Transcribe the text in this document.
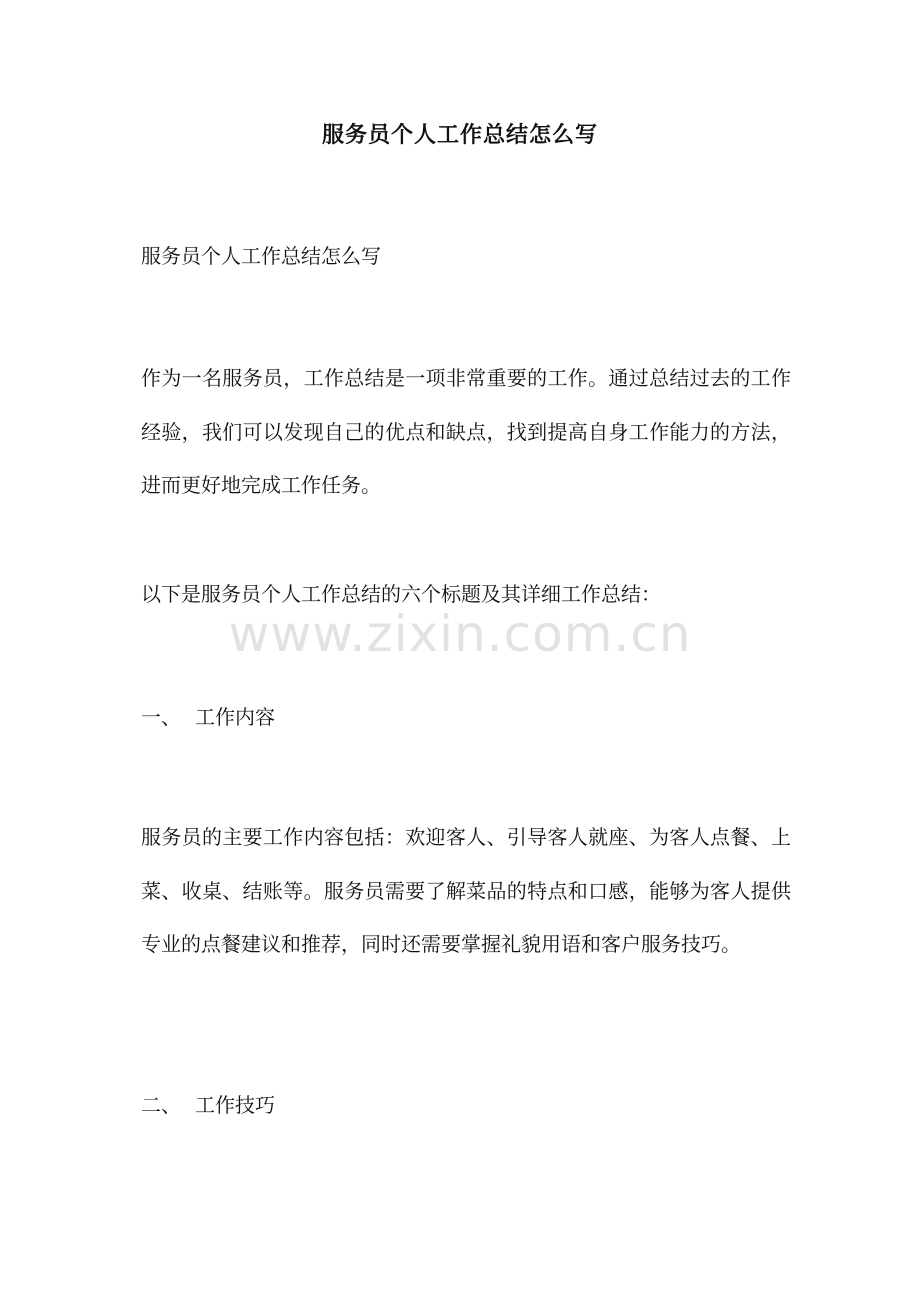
服务员个人工作总结怎么写

服务员个人工作总结怎么写

作为一名服务员，工作总结是一项非常重要的工作。通过总结过去的工作经验，我们可以发现自己的优点和缺点，找到提高自身工作能力的方法，进而更好地完成工作任务。

以下是服务员个人工作总结的六个标题及其详细工作总结：

www.zixin.com.cn

一、 工作内容

服务员的主要工作内容包括：欢迎客人、引导客人就座、为客人点餐、上菜、收桌、结账等。服务员需要了解菜品的特点和口感，能够为客人提供专业的点餐建议和推荐，同时还需要掌握礼貌用语和客户服务技巧。

二、 工作技巧
